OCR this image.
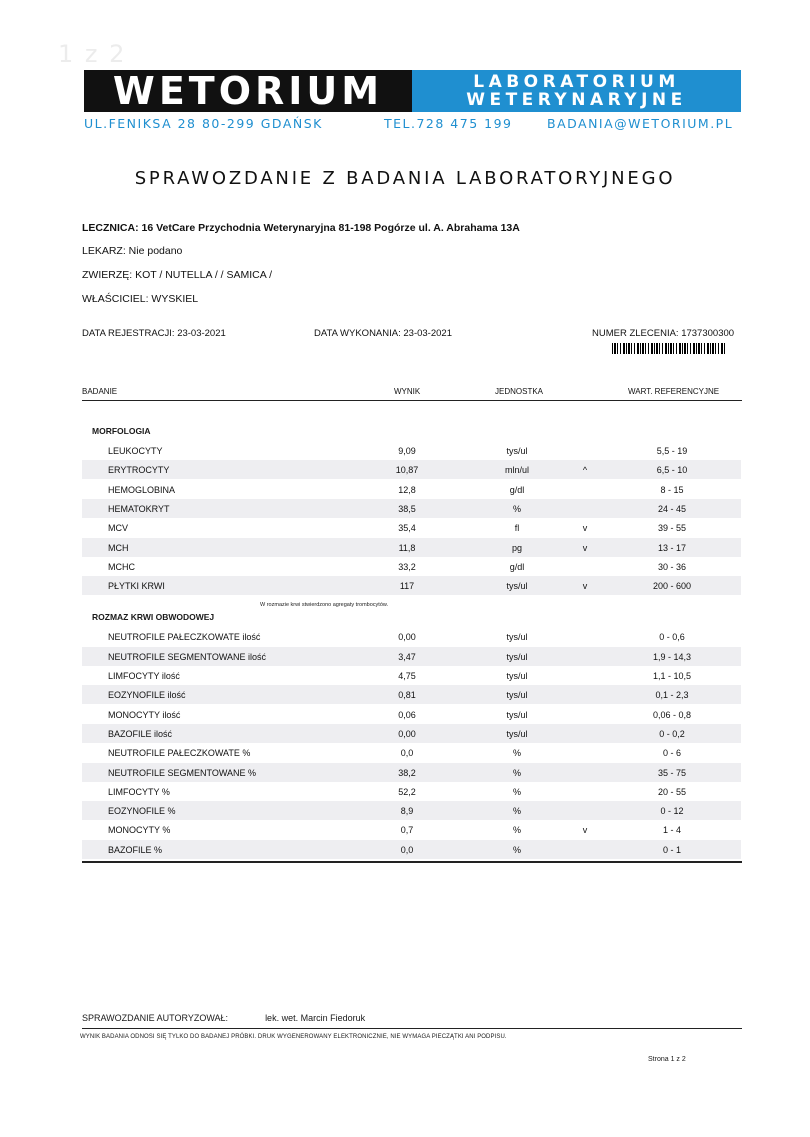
1 z 2
WETORIUM	LABORATORIUM
WETERYNARYJNE
UL.FENIKSA 28 80-299 GDAŃSK	TEL.728 475 199	BADANIA@WETORIUM.PL
SPRAWOZDANIE Z BADANIA LABORATORYJNEGO
LECZNICA: 16 VetCare Przychodnia Weterynaryjna 81-198 Pogórze ul. A. Abrahama 13A
LEKARZ: Nie podano
ZWIERZĘ: KOT / NUTELLA / / SAMICA /
WŁAŚCICIEL: WYSKIEL
DATA REJESTRACJI: 23-03-2021	DATA WYKONANIA: 23-03-2021	NUMER ZLECENIA: 1737300300
BADANIE	WYNIK	JEDNOSTKA	WART. REFERENCYJNE
MORFOLOGIA
LEUKOCYTY	9,09	tys/ul	5,5 - 19
ERYTROCYTY	10,87	mln/ul	^	6,5 - 10
HEMOGLOBINA	12,8	g/dl	8 - 15
HEMATOKRYT	38,5	%	24 - 45
MCV	35,4	fl	v	39 - 55
MCH	11,8	pg	v	13 - 17
MCHC	33,2	g/dl	30 - 36
PŁYTKI KRWI	117	tys/ul	v	200 - 600
W rozmazie krwi stwierdzono agregaty trombocytów.
ROZMAZ KRWI OBWODOWEJ
NEUTROFILE PAŁECZKOWATE ilość	0,00	tys/ul	0 - 0,6
NEUTROFILE SEGMENTOWANE ilość	3,47	tys/ul	1,9 - 14,3
LIMFOCYTY ilość	4,75	tys/ul	1,1 - 10,5
EOZYNOFILE ilość	0,81	tys/ul	0,1 - 2,3
MONOCYTY ilość	0,06	tys/ul	0,06 - 0,8
BAZOFILE ilość	0,00	tys/ul	0 - 0,2
NEUTROFILE PAŁECZKOWATE %	0,0	%	0 - 6
NEUTROFILE SEGMENTOWANE %	38,2	%	35 - 75
LIMFOCYTY %	52,2	%	20 - 55
EOZYNOFILE %	8,9	%	0 - 12
MONOCYTY %	0,7	%	v	1 - 4
BAZOFILE %	0,0	%	0 - 1
SPRAWOZDANIE AUTORYZOWAŁ:	lek. wet. Marcin Fiedoruk
WYNIK BADANIA ODNOSI SIĘ TYLKO DO BADANEJ PRÓBKI. DRUK WYGENEROWANY ELEKTRONICZNIE, NIE WYMAGA PIECZĄTKI ANI PODPISU.
Strona 1 z 2
